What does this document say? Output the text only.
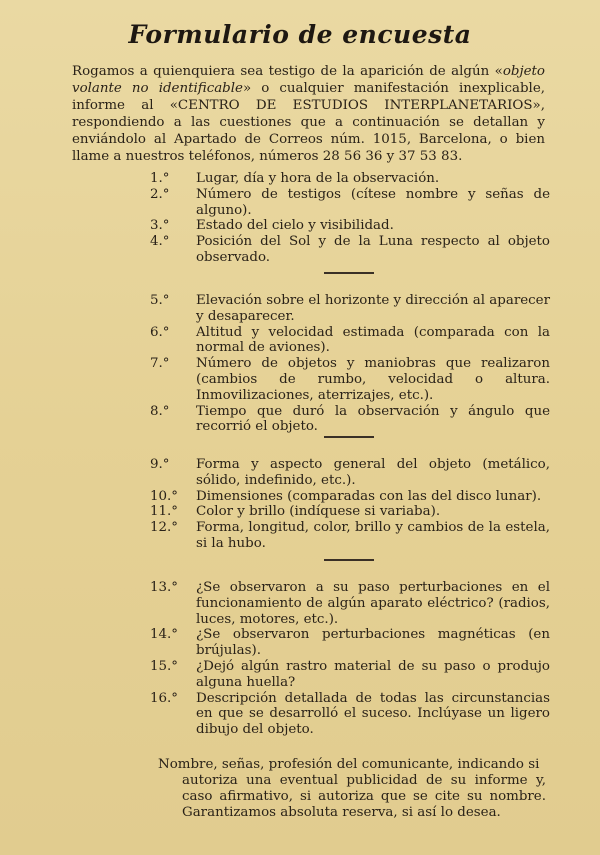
Formulario de encuesta
Rogamos a quienquiera sea testigo de la aparición de algún «objeto volante no identificable» o cualquier manifestación inexplicable, informe al «CENTRO DE ESTUDIOS INTERPLANETARIOS», respondiendo a las cuestiones que a continuación se detallan y enviándolo al Apartado de Correos núm. 1015, Barcelona, o bien llame a nuestros teléfonos, números 28 56 36 y 37 53 83.
1.°	Lugar, día y hora de la observación.
2.°	Número de testigos (cítese nombre y señas de alguno).
3.°	Estado del cielo y visibilidad.
4.°	Posición del Sol y de la Luna respecto al objeto observado.
5.°	Elevación sobre el horizonte y dirección al aparecer y desaparecer.
6.°	Altitud y velocidad estimada (comparada con la normal de aviones).
7.°	Número de objetos y maniobras que realizaron (cambios de rumbo, velocidad o altura. Inmovilizaciones, aterrizajes, etc.).
8.°	Tiempo que duró la observación y ángulo que recorrió el objeto.
9.°	Forma y aspecto general del objeto (metálico, sólido, indefinido, etc.).
10.°	Dimensiones (comparadas con las del disco lunar).
11.°	Color y brillo (indíquese si variaba).
12.°	Forma, longitud, color, brillo y cambios de la estela, si la hubo.
13.°	¿Se observaron a su paso perturbaciones en el funcionamiento de algún aparato eléctrico? (radios, luces, motores, etc.).
14.°	¿Se observaron perturbaciones magnéticas (en brújulas).
15.°	¿Dejó algún rastro material de su paso o produjo alguna huella?
16.°	Descripción detallada de todas las circunstancias en que se desarrolló el suceso. Inclúyase un ligero dibujo del objeto.
Nombre, señas, profesión del comunicante, indicando si
autoriza una eventual publicidad de su informe y, caso afirmativo, si autoriza que se cite su nombre. Garantizamos absoluta reserva, si así lo desea.
